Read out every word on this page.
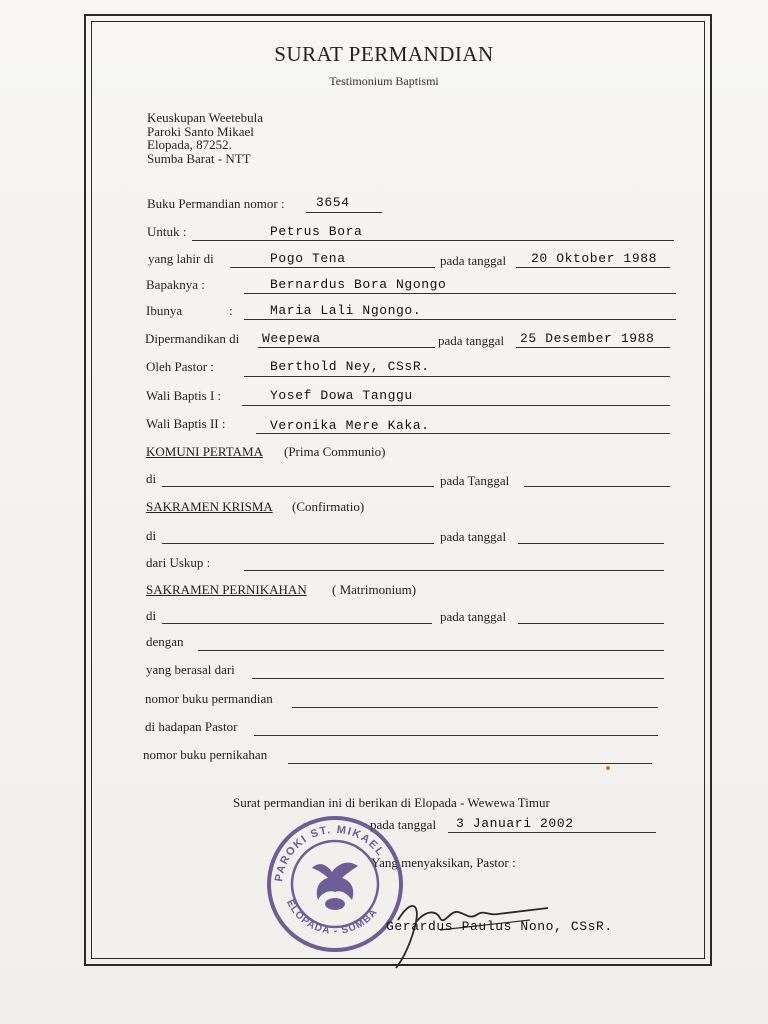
SURAT PERMANDIAN
Testimonium Baptismi
Keuskupan Weetebula
Paroki Santo Mikael
Elopada, 87252.
Sumba Barat - NTT
Buku Permandian nomor : 3654
Untuk :	Petrus Bora
yang lahir di	Pogo Tena	pada tanggal 20 Oktober 1988
Bapaknya :	Bernardus Bora Ngongo
Ibunya	:	Maria Lali Ngongo.
Dipermandikan di Weepewa	pada tanggal 25 Desember 1988
Oleh Pastor :	Berthold Ney, CSsR.
Wali Baptis I :	Yosef Dowa Tanggu
Wali Baptis II :	Veronika Mere Kaka.
KOMUNI PERTAMA (Prima Communio)
di	pada Tanggal
SAKRAMEN KRISMA (Confirmatio)
di	pada tanggal
dari Uskup :
SAKRAMEN PERNIKAHAN ( Matrimonium)
di	pada tanggal
dengan
yang berasal dari
nomor buku permandian
di hadapan Pastor
nomor buku pernikahan
Surat permandian ini di berikan di Elopada - Wewewa Timur
pada tanggal 3 Januari 2002
Yang menyaksikan, Pastor :
PAROKI ST. MIKAEL
ELOPADA - SUMBA
Gerardus Paulus Nono, CSsR.
